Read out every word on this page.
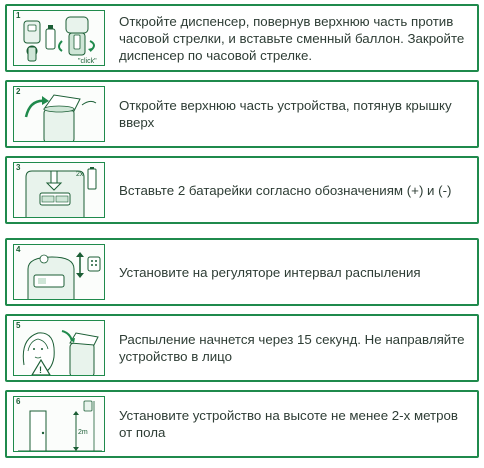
1
"click"
Откройте диспенсер, повернув верхнюю часть против часовой стрелки, и вставьте сменный баллон. Закройте диспенсер по часовой стрелке.
2
Откройте верхнюю часть устройства, потянув крышку вверх
3
2x
Вставьте 2 батарейки согласно обозначениям (+) и (-)
4
Установите на регуляторе интервал распыления
5
!
Распыление начнется через 15 секунд. Не направляйте устройство в лицо
6
2m
Установите устройство на высоте не менее 2-х метров от пола
